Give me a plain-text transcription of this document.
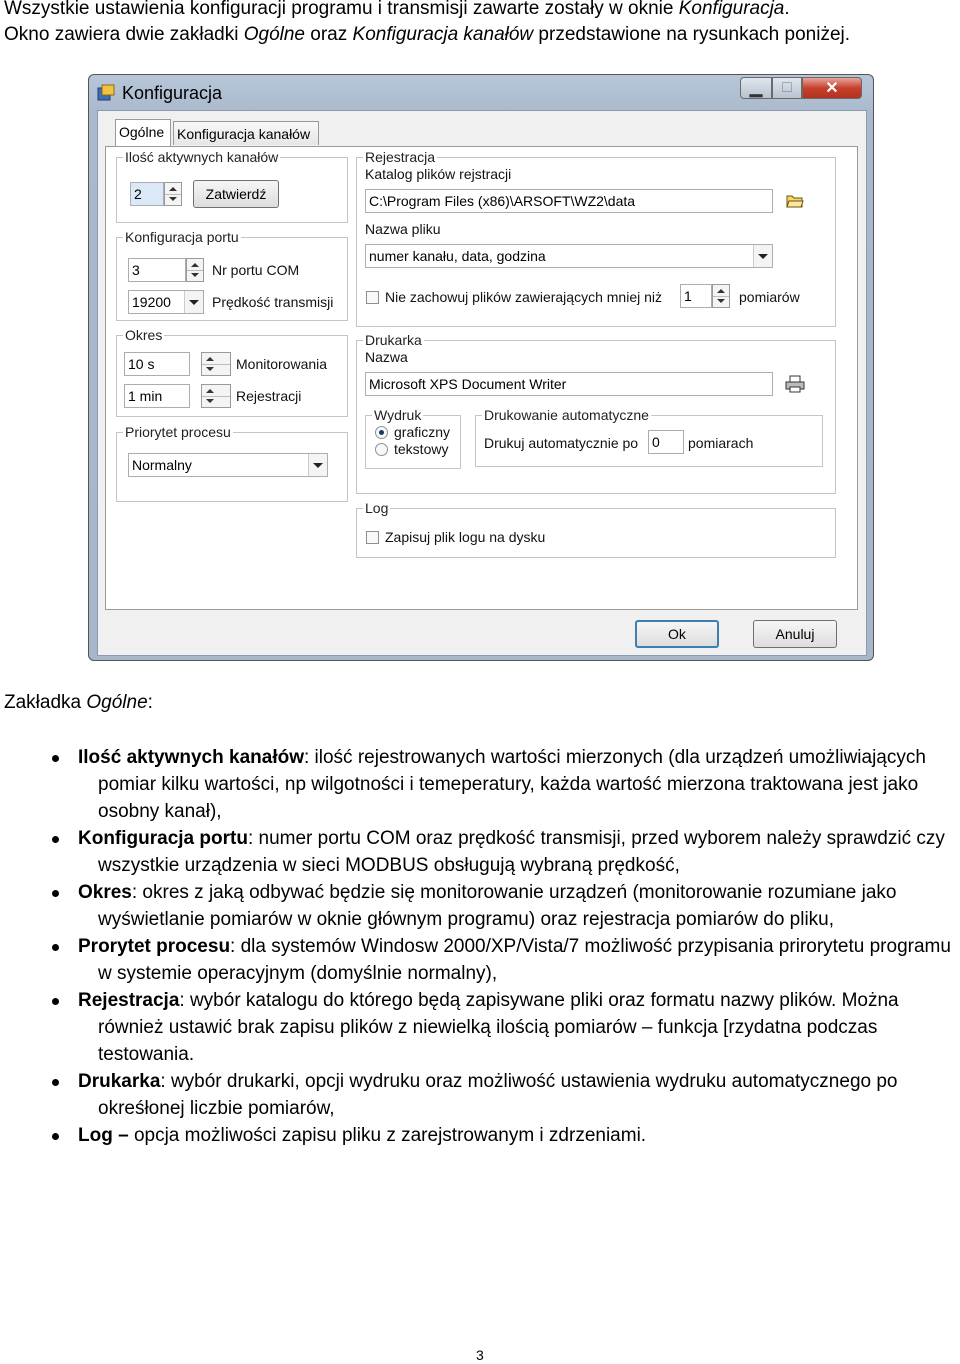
Wszystkie ustawienia konfiguracji programu i transmisji zawarte zostały w oknie Konfiguracja.
Okno zawiera dwie zakładki Ogólne oraz Konfiguracja kanałów przedstawione na rysunkach poniżej.
Konfiguracja	▁ □ ✕
Ogólne Konfiguracja kanałów
Ilość aktywnych kanałów
2	Zatwierdź
Konfiguracja portu
3	Nr portu COM
19200	Prędkość transmisji
Okres
10 s	Monitorowania
1 min	Rejestracji
Priorytet procesu
Normalny
Rejestracja
Katalog plików rejstracji
C:\Program Files (x86)\ARSOFT\WZ2\data
Nazwa pliku
numer kanału, data, godzina
Nie zachowuj plików zawierających mniej niż 1	pomiarów
Drukarka
Nazwa
Microsoft XPS Document Writer
Wydruk
graficzny
tekstowy
Drukowanie automatyczne
Drukuj automatycznie po 0	pomiarach
Log
Zapisuj plik logu na dysku
Ok	Anuluj
Zakładka Ogólne:
Ilość aktywnych kanałów: ilość rejestrowanych wartości mierzonych (dla urządzeń umożliwiających pomiar kilku wartości, np wilgotności i temeperatury, każda wartość mierzona traktowana jest jako osobny kanał),
Konfiguracja portu: numer portu COM oraz prędkość transmisji, przed wyborem należy sprawdzić czy wszystkie urządzenia w sieci MODBUS obsługują wybraną prędkość,
Okres: okres z jaką odbywać będzie się monitorowanie urządzeń (monitorowanie rozumiane jako wyświetlanie pomiarów w oknie głównym programu) oraz rejestracja pomiarów do pliku,
Prorytet procesu: dla systemów Windosw 2000/XP/Vista/7 możliwość przypisania prirorytetu programu w systemie operacyjnym (domyślnie normalny),
Rejestracja: wybór katalogu do którego będą zapisywane pliki oraz formatu nazwy plików. Można również ustawić brak zapisu plików z niewielką ilością pomiarów – funkcja [rzydatna podczas testowania.
Drukarka: wybór drukarki, opcji wydruku oraz możliwość ustawienia wydruku automatycznego po okreśłonej liczbie pomiarów,
Log – opcja możliwości zapisu pliku z zarejstrowanym i zdrzeniami.
3
